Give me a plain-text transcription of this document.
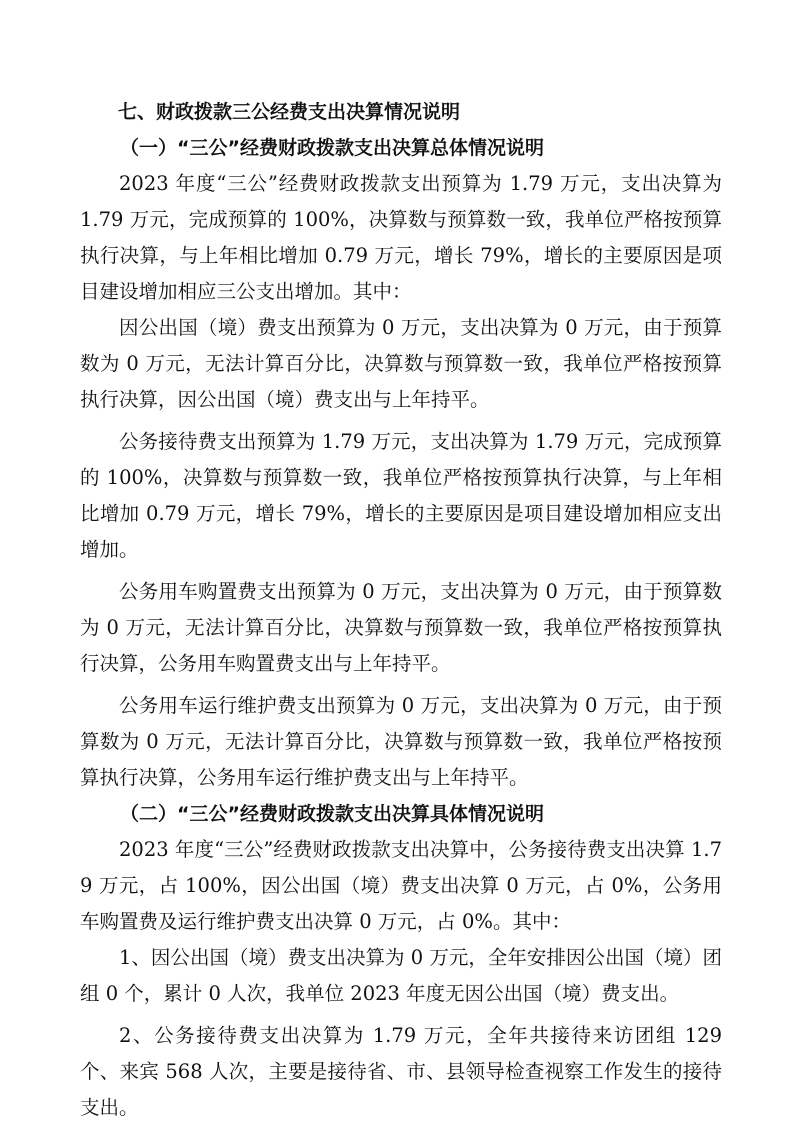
七、财政拨款三公经费支出决算情况说明

（一）“三公”经费财政拨款支出决算总体情况说明

2023 年度“三公”经费财政拨款支出预算为 1.79 万元，支出决算为 1.79 万元，完成预算的 100%，决算数与预算数一致，我单位严格按预算执行决算，与上年相比增加 0.79 万元，增长 79%，增长的主要原因是项目建设增加相应三公支出增加。其中：

因公出国（境）费支出预算为 0 万元，支出决算为 0 万元，由于预算数为 0 万元，无法计算百分比，决算数与预算数一致，我单位严格按预算执行决算，因公出国（境）费支出与上年持平。

公务接待费支出预算为 1.79 万元，支出决算为 1.79 万元，完成预算的 100%，决算数与预算数一致，我单位严格按预算执行决算，与上年相比增加 0.79 万元，增长 79%，增长的主要原因是项目建设增加相应支出增加。

公务用车购置费支出预算为 0 万元，支出决算为 0 万元，由于预算数为 0 万元，无法计算百分比，决算数与预算数一致，我单位严格按预算执行决算，公务用车购置费支出与上年持平。

公务用车运行维护费支出预算为 0 万元，支出决算为 0 万元，由于预算数为 0 万元，无法计算百分比，决算数与预算数一致，我单位严格按预算执行决算，公务用车运行维护费支出与上年持平。

（二）“三公”经费财政拨款支出决算具体情况说明

2023 年度“三公”经费财政拨款支出决算中，公务接待费支出决算 1.79 万元，占 100%，因公出国（境）费支出决算 0 万元，占 0%，公务用车购置费及运行维护费支出决算 0 万元，占 0%。其中：

1、因公出国（境）费支出决算为 0 万元，全年安排因公出国（境）团组 0 个，累计 0 人次，我单位 2023 年度无因公出国（境）费支出。

2、公务接待费支出决算为 1.79 万元，全年共接待来访团组 129 个、来宾 568 人次，主要是接待省、市、县领导检查视察工作发生的接待支出。
